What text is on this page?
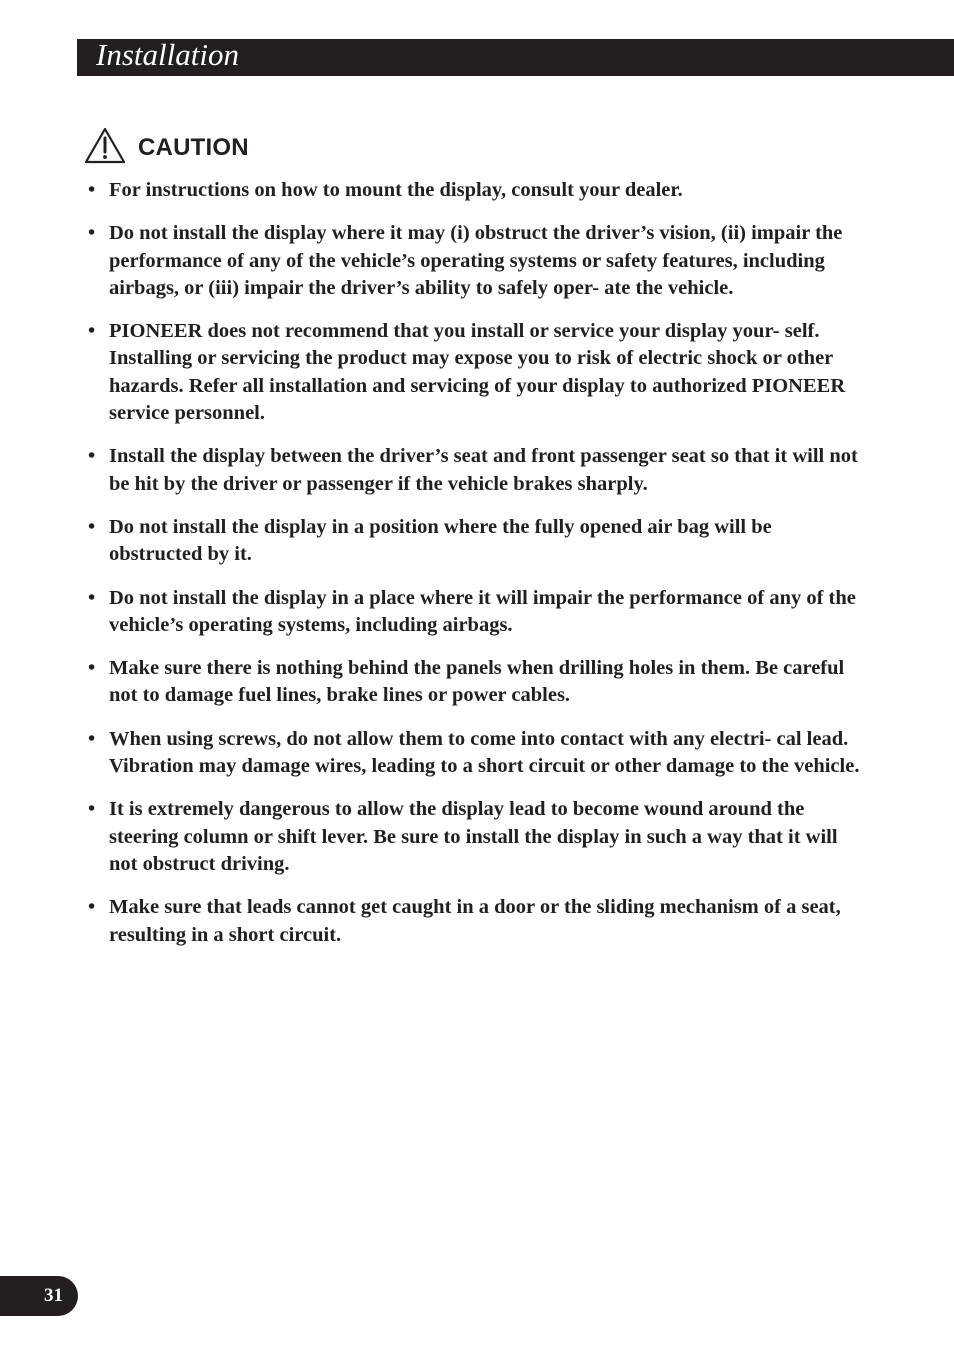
Installation
CAUTION
• For instructions on how to mount the display, consult your dealer.
• Do not install the display where it may (i) obstruct the driver’s vision, (ii) impair the performance of any of the vehicle’s operating systems or safety features, including airbags, or (iii) impair the driver’s ability to safely oper- ate the vehicle.
• PIONEER does not recommend that you install or service your display your- self. Installing or servicing the product may expose you to risk of electric shock or other hazards. Refer all installation and servicing of your display to authorized PIONEER service personnel.
• Install the display between the driver’s seat and front passenger seat so that it will not be hit by the driver or passenger if the vehicle brakes sharply.
• Do not install the display in a position where the fully opened air bag will be obstructed by it.
• Do not install the display in a place where it will impair the performance of any of the vehicle’s operating systems, including airbags.
• Make sure there is nothing behind the panels when drilling holes in them. Be careful not to damage fuel lines, brake lines or power cables.
• When using screws, do not allow them to come into contact with any electri- cal lead. Vibration may damage wires, leading to a short circuit or other damage to the vehicle.
• It is extremely dangerous to allow the display lead to become wound around the steering column or shift lever. Be sure to install the display in such a way that it will not obstruct driving.
• Make sure that leads cannot get caught in a door or the sliding mechanism of a seat, resulting in a short circuit.
31
